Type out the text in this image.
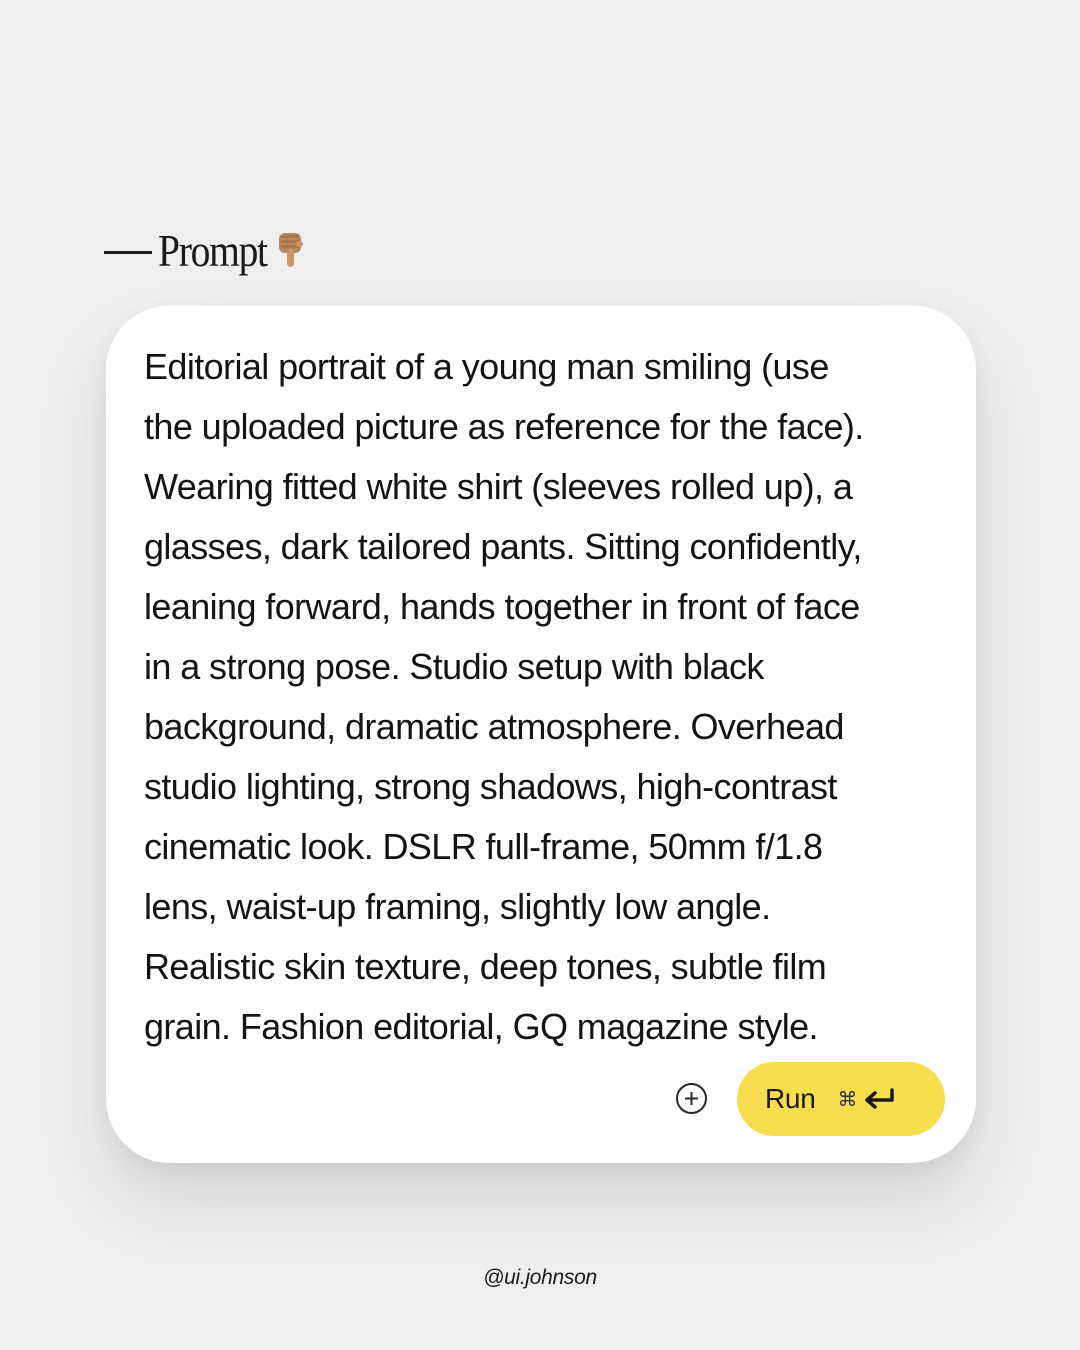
Prompt

Editorial portrait of a young man smiling (use
the uploaded picture as reference for the face).
Wearing fitted white shirt (sleeves rolled up), a
glasses, dark tailored pants. Sitting confidently,
leaning forward, hands together in front of face
in a strong pose. Studio setup with black
background, dramatic atmosphere. Overhead
studio lighting, strong shadows, high-contrast
cinematic look. DSLR full-frame, 50mm f/1.8
lens, waist-up framing, slightly low angle.
Realistic skin texture, deep tones, subtle film
grain. Fashion editorial, GQ magazine style.

Run ⌘
@ui.johnson
